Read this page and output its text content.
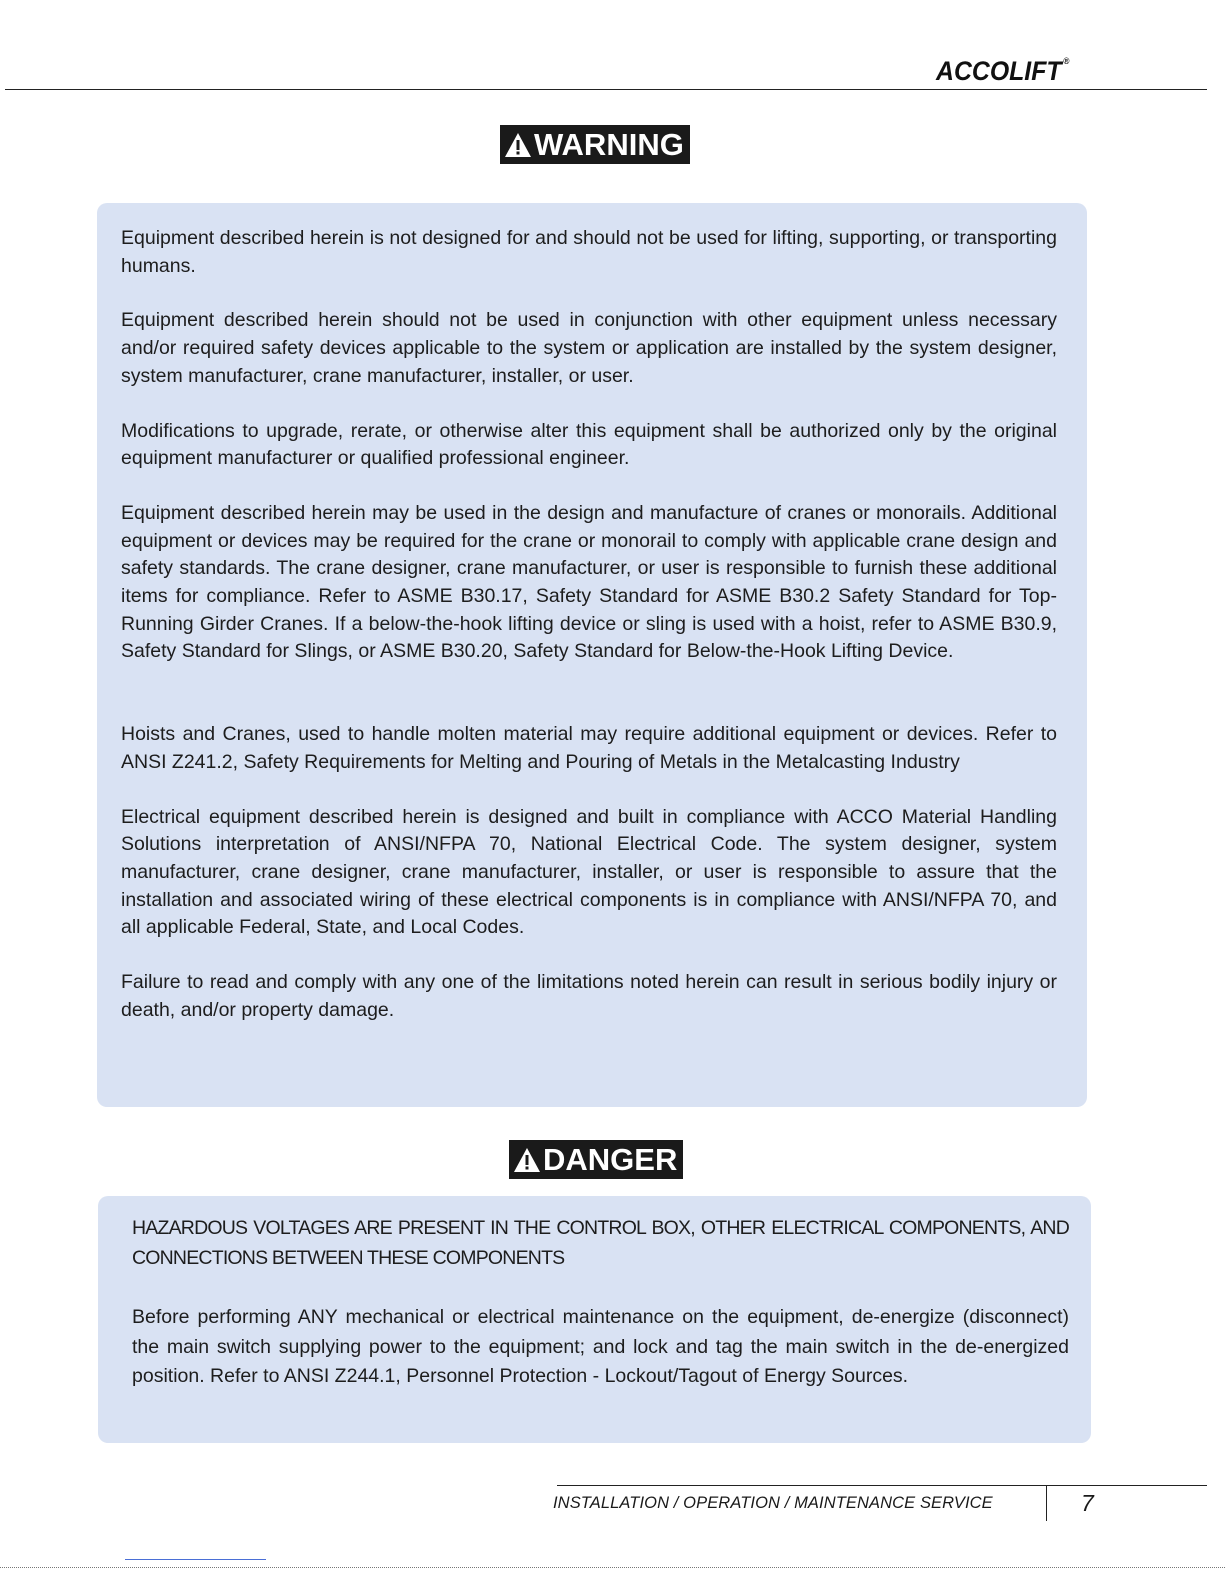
ACCOLIFT ®
WARNING

Equipment described herein is not designed for and should not be used for lifting, supporting, or transporting humans.

Equipment described herein should not be used in conjunction with other equipment unless necessary and/or required safety devices applicable to the system or application are installed by the system designer, system manufacturer, crane manufacturer, installer, or user.

Modifications to upgrade, rerate, or otherwise alter this equipment shall be authorized only by the original equipment manufacturer or qualified professional engineer.

Equipment described herein may be used in the design and manufacture of cranes or monorails. Additional equipment or devices may be required for the crane or monorail to comply with applicable crane design and safety standards. The crane designer, crane manufacturer, or user is responsible to furnish these additional items for compliance. Refer to ASME B30.17, Safety Standard for ASME B30.2 Safety Standard for Top-Running Girder Cranes. If a below-the-hook lifting device or sling is used with a hoist, refer to ASME B30.9, Safety Standard for Slings, or ASME B30.20, Safety Standard for Below-the-Hook Lifting Device.

Hoists and Cranes, used to handle molten material may require additional equipment or devices. Refer to ANSI Z241.2, Safety Requirements for Melting and Pouring of Metals in the Metalcasting Industry

Electrical equipment described herein is designed and built in compliance with ACCO Material Handling Solutions interpretation of ANSI/NFPA 70, National Electrical Code. The system designer, system manufacturer, crane designer, crane manufacturer, installer, or user is responsible to assure that the installation and associated wiring of these electrical components is in compliance with ANSI/NFPA 70, and all applicable Federal, State, and Local Codes.

Failure to read and comply with any one of the limitations noted herein can result in serious bodily injury or death, and/or property damage.

DANGER

HAZARDOUS VOLTAGES ARE PRESENT IN THE CONTROL BOX, OTHER ELECTRICAL COMPONENTS, AND CONNECTIONS BETWEEN THESE COMPONENTS

Before performing ANY mechanical or electrical maintenance on the equipment, de-energize (disconnect) the main switch supplying power to the equipment; and lock and tag the main switch in the de-energized position. Refer to ANSI Z244.1, Personnel Protection - Lockout/Tagout of Energy Sources.

INSTALLATION / OPERATION / MAINTENANCE SERVICE	7
